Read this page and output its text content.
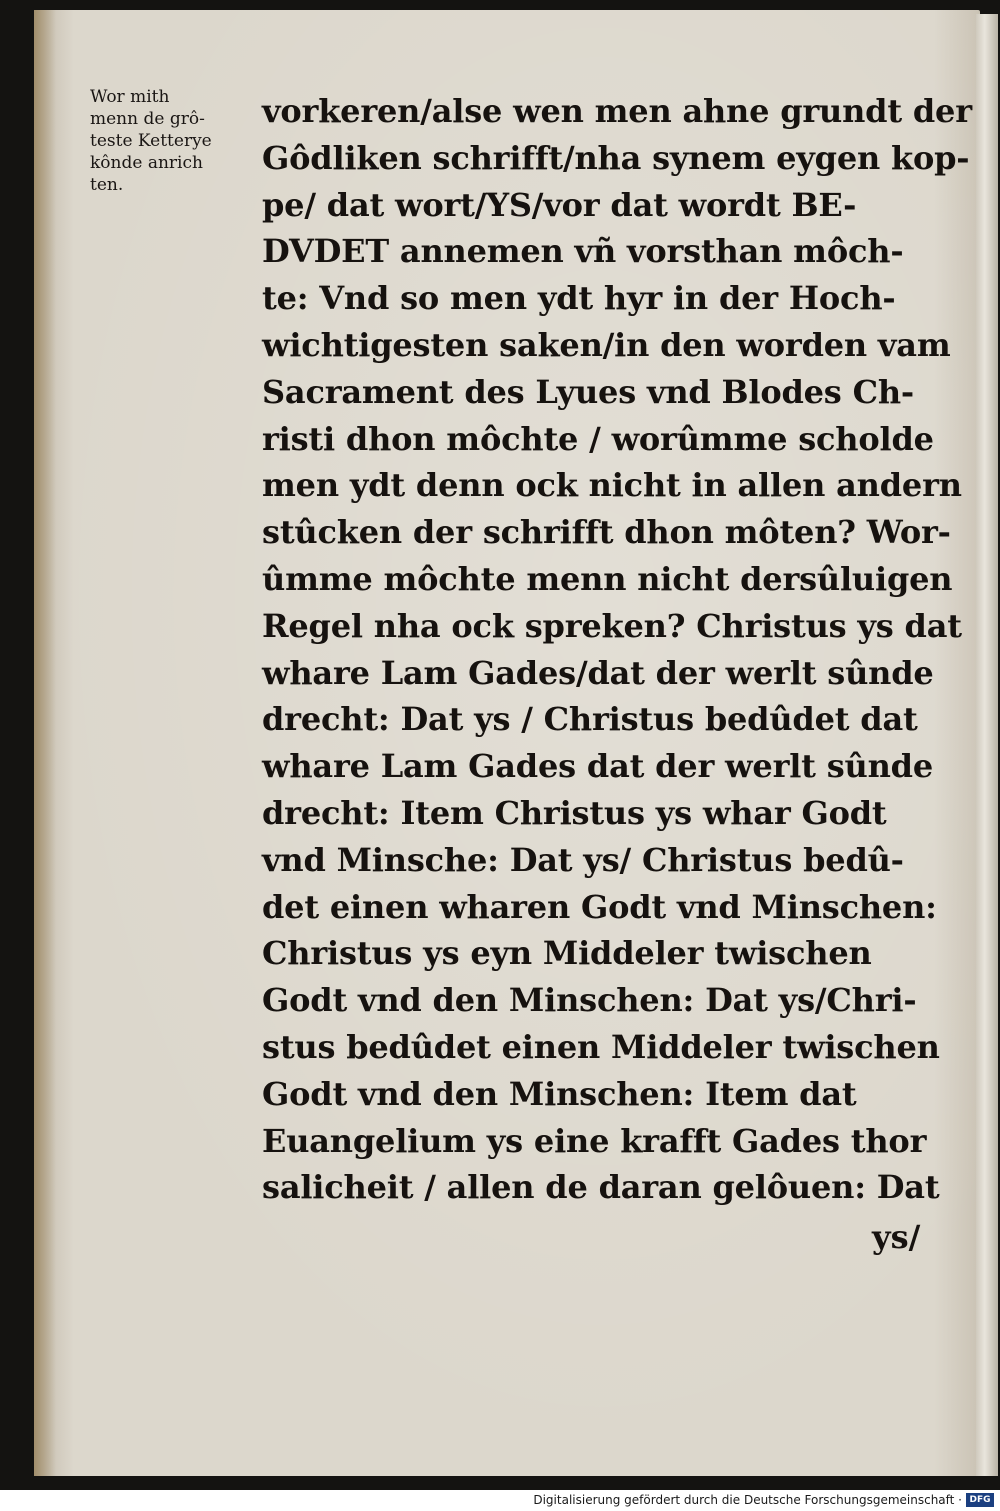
Wor mith
menn de grô-
teste Ketterye
kônde anrich
ten.
vorkeren/alse wen men ahne grundt der
Gôdliken schrifft/nha synem eygen kop-
pe/ dat wort/YS/vor dat wordt BE-
DVDET annemen vñ vorsthan môch-
te: Vnd so men ydt hyr in der Hoch-
wichtigesten saken/in den worden vam
Sacrament des Lyues vnd Blodes Ch-
risti dhon môchte / worûmme scholde
men ydt denn ock nicht in allen andern
stûcken der schrifft dhon môten? Wor-
ûmme môchte menn nicht dersûluigen
Regel nha ock spreken? Christus ys dat
whare Lam Gades/dat der werlt sûnde
drecht: Dat ys / Christus bedûdet dat
whare Lam Gades dat der werlt sûnde
drecht: Item Christus ys whar Godt
vnd Minsche: Dat ys/ Christus bedû-
det einen wharen Godt vnd Minschen:
Christus ys eyn Middeler twischen
Godt vnd den Minschen: Dat ys/Chri-
stus bedûdet einen Middeler twischen
Godt vnd den Minschen: Item dat
Euangelium ys eine krafft Gades thor
salicheit / allen de daran gelôuen: Dat
ys/
Digitalisierung gefördert durch die Deutsche Forschungsgemeinschaft · DFG
